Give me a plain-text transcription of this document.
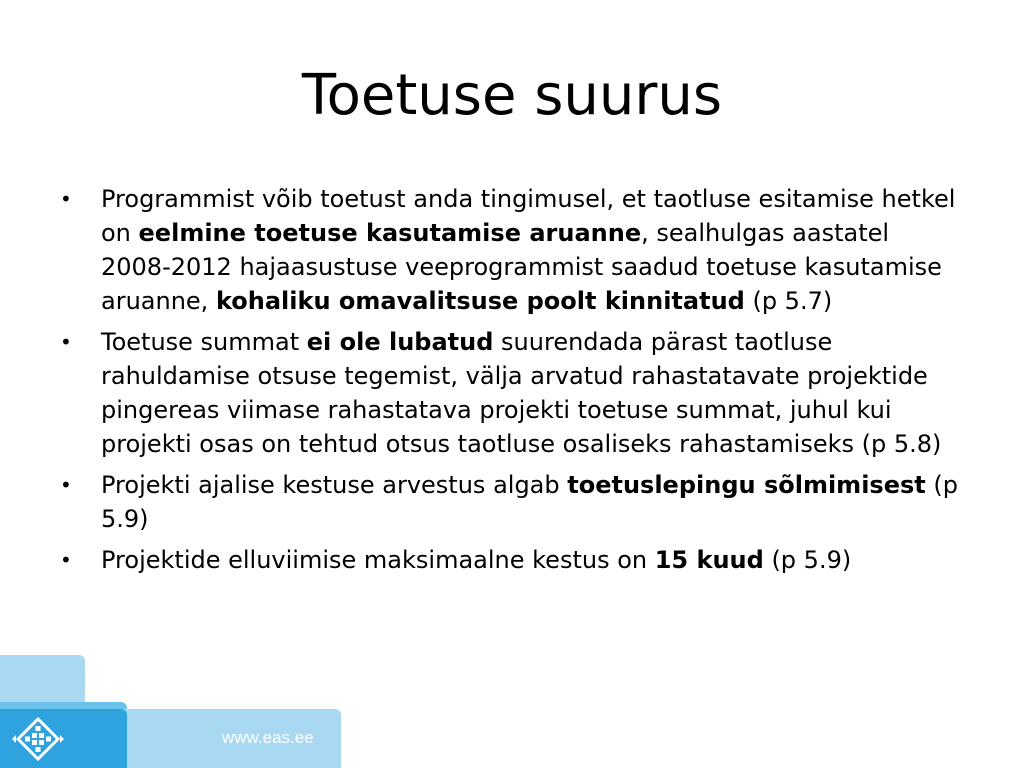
Toetuse suurus
• Programmist võib toetust anda tingimusel, et taotluse esitamise hetkel on eelmine toetuse kasutamise aruanne, sealhulgas aastatel 2008-2012 hajaasustuse veeprogrammist saadud toetuse kasutamise aruanne, kohaliku omavalitsuse poolt kinnitatud (p 5.7)
• Toetuse summat ei ole lubatud suurendada pärast taotluse rahuldamise otsuse tegemist, välja arvatud rahastatavate projektide pingereas viimase rahastatava projekti toetuse summat, juhul kui projekti osas on tehtud otsus taotluse osaliseks rahastamiseks (p 5.8)
• Projekti ajalise kestuse arvestus algab toetuslepingu sõlmimisest (p 5.9)
• Projektide elluviimise maksimaalne kestus on 15 kuud (p 5.9)
www.eas.ee
